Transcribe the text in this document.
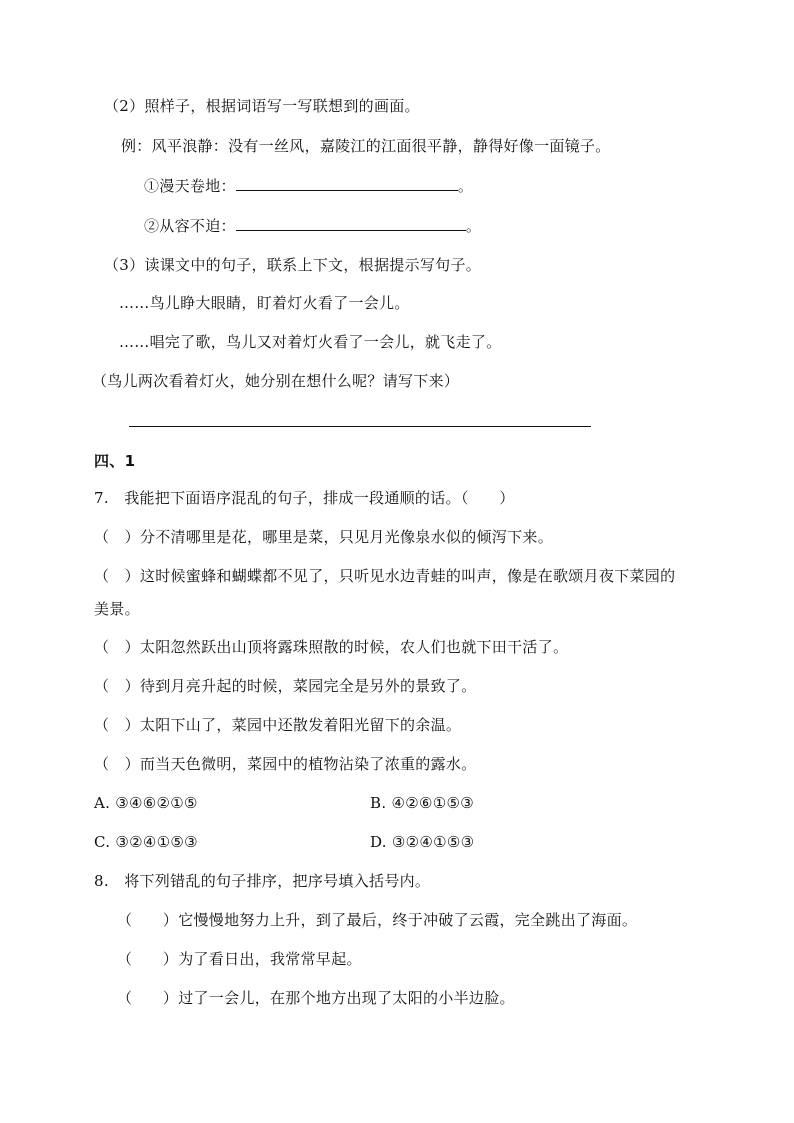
（2）照样子，根据词语写一写联想到的画面。
例：风平浪静：没有一丝风，嘉陵江的江面很平静，静得好像一面镜子。
①漫天卷地：	。
②从容不迫：	。
（3）读课文中的句子，联系上下文，根据提示写句子。
……鸟儿睁大眼睛，盯着灯火看了一会儿。
……唱完了歌，鸟儿又对着灯火看了一会儿，就飞走了。
（鸟儿两次看着灯火，她分别在想什么呢？请写下来）
四、1
7.　我能把下面语序混乱的句子，排成一段通顺的话。（　　）
（　）分不清哪里是花，哪里是菜，只见月光像泉水似的倾泻下来。
（　）这时候蜜蜂和蝴蝶都不见了，只听见水边青蛙的叫声，像是在歌颂月夜下菜园的
美景。
（　）太阳忽然跃出山顶将露珠照散的时候，农人们也就下田干活了。
（　）待到月亮升起的时候，菜园完全是另外的景致了。
（　）太阳下山了，菜园中还散发着阳光留下的余温。
（　）而当天色微明，菜园中的植物沾染了浓重的露水。
A. ③④⑥②①⑤	B. ④②⑥①⑤③
C. ③②④①⑤③	D. ③②④①⑤③
8.　将下列错乱的句子排序，把序号填入括号内。
（　　）它慢慢地努力上升，到了最后，终于冲破了云霞，完全跳出了海面。
（　　）为了看日出，我常常早起。
（　　）过了一会儿，在那个地方出现了太阳的小半边脸。
